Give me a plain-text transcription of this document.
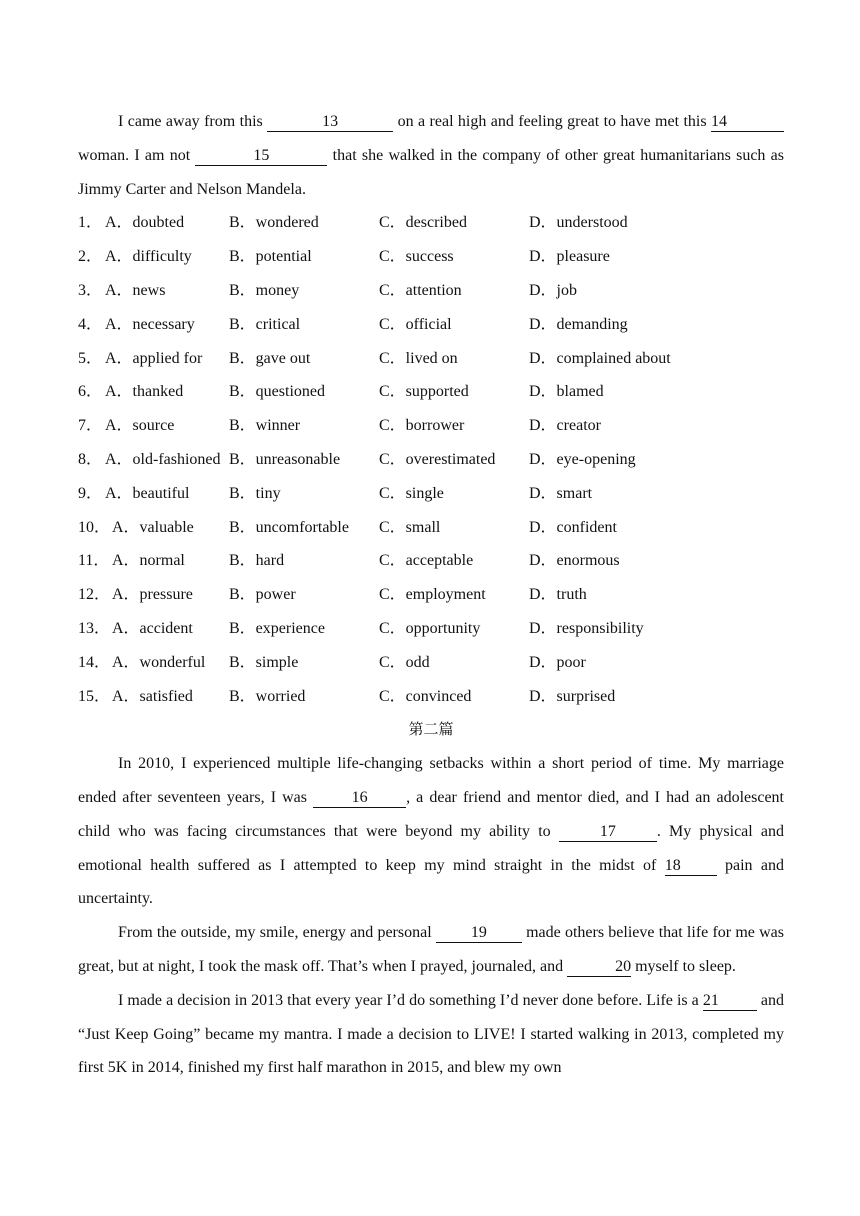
I came away from this	13	on a real high and feeling great to have met this 14 woman. I am not	15	that she walked in the company of other great humanitarians such as Jimmy Carter and Nelson Mandela.

1． A．doubted	B．wondered	C．described	D．understood
2． A．difficulty B．potential	C．success	D．pleasure
3． A．news	B．money	C．attention	D．job
4． A．necessary B．critical	C．official	D．demanding
5． A．applied for B．gave out	C．lived on	D．complained about
6． A．thanked	B．questioned	C．supported	D．blamed
7． A．source	B．winner	C．borrower	D．creator
8． A．old-fashioned B．unreasonable C．overestimated D．eye-opening
9． A．beautiful B．tiny	C．single	D．smart
10． A．valuable B．uncomfortable C．small	D．confident
11． A．normal	B．hard	C．acceptable	D．enormous
12． A．pressure B．power	C．employment	D．truth
13． A．accident B．experience	C．opportunity	D．responsibility
14． A．wonderful B．simple	C．odd	D．poor
15． A．satisfied B．worried	C．convinced	D．surprised

第二篇

In 2010, I experienced multiple life-changing setbacks within a short period of time. My marriage ended after seventeen years, I was 16 , a dear friend and mentor died, and I had an adolescent child who was facing circumstances that were beyond my ability to	17	. My physical and emotional health suffered as I attempted to keep my mind straight in the midst of 18 pain and uncertainty.

From the outside, my smile, energy and personal 19 made others believe that life for me was great, but at night, I took the mask off. That’s when I prayed, journaled, and	20 myself to sleep.

I made a decision in 2013 that every year I’d do something I’d never done before. Life is a 21 and “Just Keep Going” became my mantra. I made a decision to LIVE! I started walking in 2013, completed my first 5K in 2014, finished my first half marathon in 2015, and blew my own
